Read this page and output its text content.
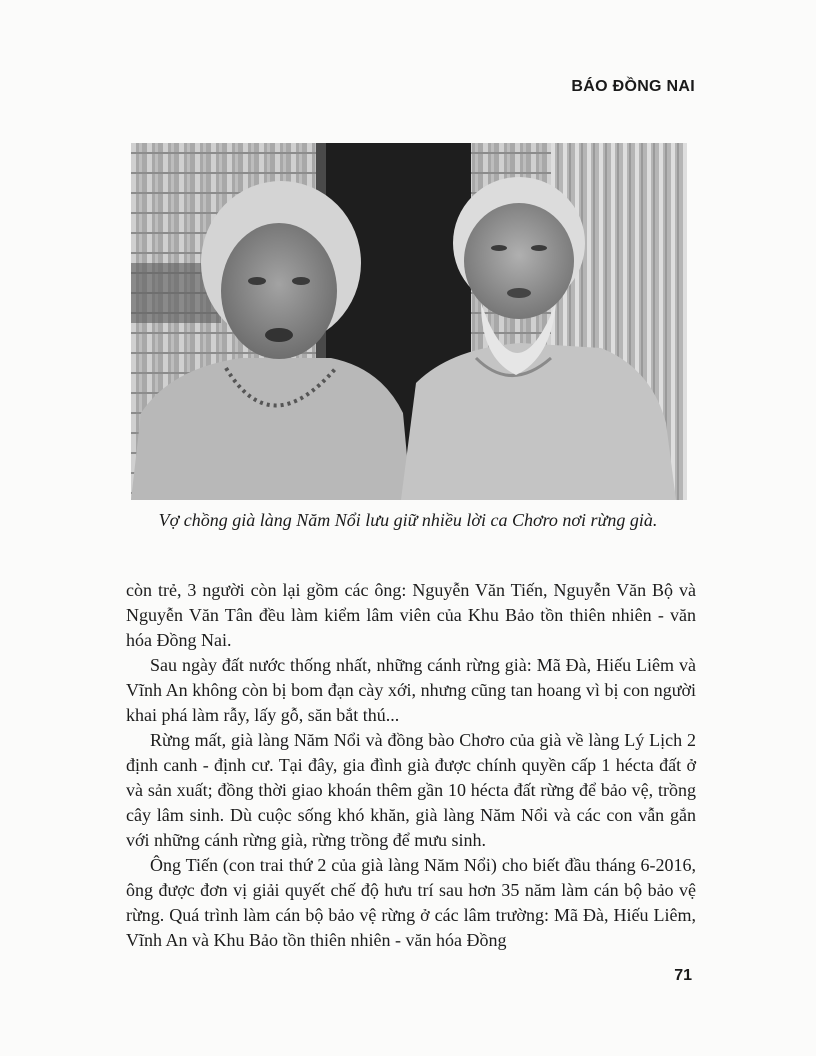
BÁO ĐỒNG NAI
Vợ chồng già làng Năm Nổi lưu giữ nhiều lời ca Chơro nơi rừng già.

còn trẻ, 3 người còn lại gồm các ông: Nguyễn Văn Tiến, Nguyễn Văn Bộ và Nguyễn Văn Tân đều làm kiểm lâm viên của Khu Bảo tồn thiên nhiên - văn hóa Đồng Nai.

Sau ngày đất nước thống nhất, những cánh rừng già: Mã Đà, Hiếu Liêm và Vĩnh An không còn bị bom đạn cày xới, nhưng cũng tan hoang vì bị con người khai phá làm rẫy, lấy gỗ, săn bắt thú...

Rừng mất, già làng Năm Nổi và đồng bào Chơro của già về làng Lý Lịch 2 định canh - định cư. Tại đây, gia đình già được chính quyền cấp 1 hécta đất ở và sản xuất; đồng thời giao khoán thêm gần 10 hécta đất rừng để bảo vệ, trồng cây lâm sinh. Dù cuộc sống khó khăn, già làng Năm Nổi và các con vẫn gắn với những cánh rừng già, rừng trồng để mưu sinh.

Ông Tiến (con trai thứ 2 của già làng Năm Nổi) cho biết đầu tháng 6-2016, ông được đơn vị giải quyết chế độ hưu trí sau hơn 35 năm làm cán bộ bảo vệ rừng. Quá trình làm cán bộ bảo vệ rừng ở các lâm trường: Mã Đà, Hiếu Liêm, Vĩnh An và Khu Bảo tồn thiên nhiên - văn hóa Đồng

71
